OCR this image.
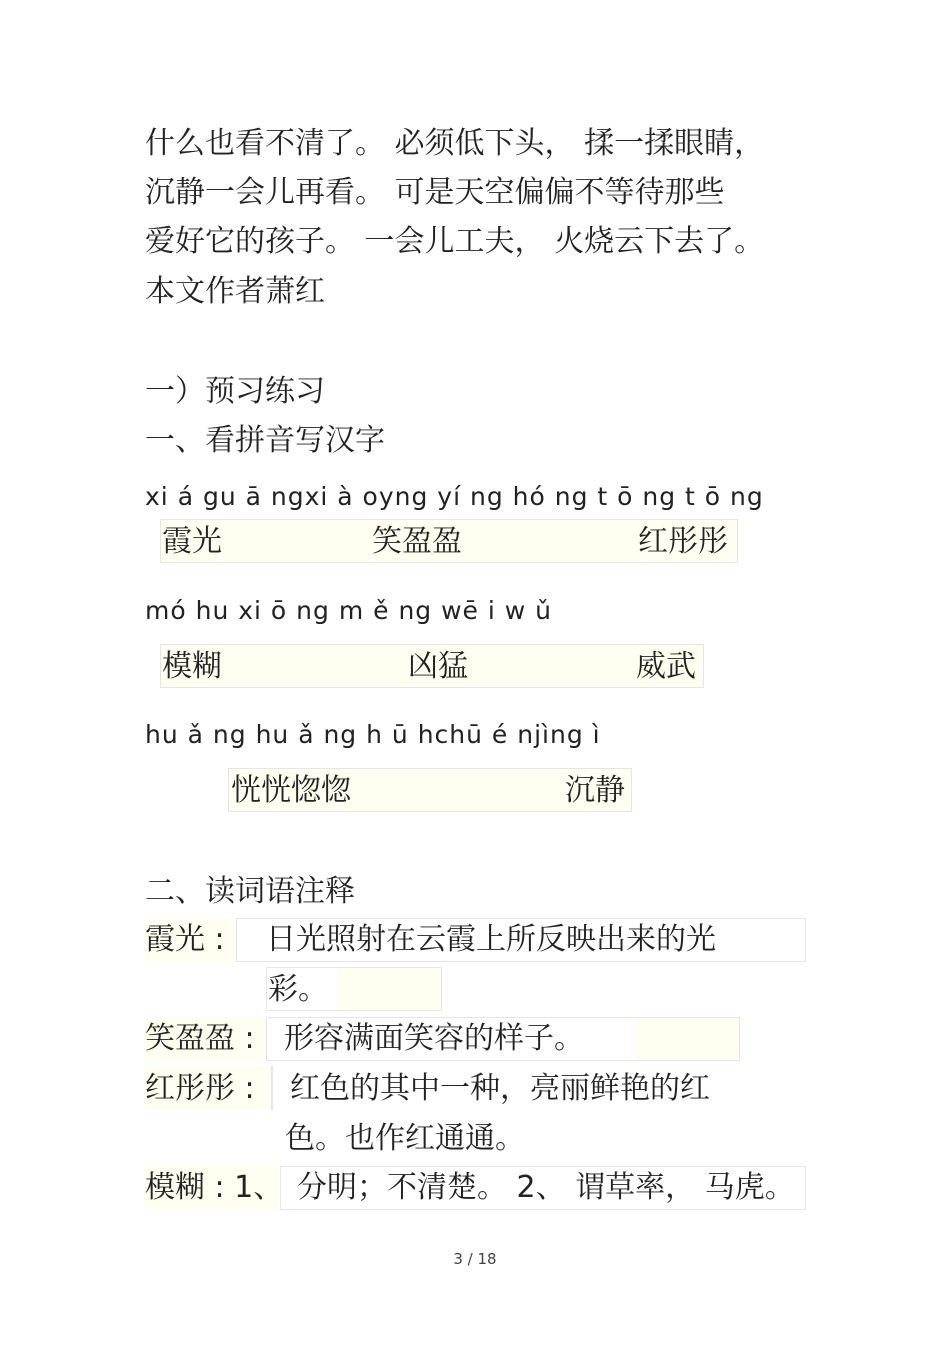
什么也看不清了。 必须低下头， 揉一揉眼睛，
沉静一会儿再看。 可是天空偏偏不等待那些
爱好它的孩子。 一会儿工夫， 火烧云下去了。
本文作者萧红
一）预习练习
一、看拼音写汉字
xi á gu ā ngxi à oyng yí ng hó ng t ō ng t ō ng
霞光	笑盈盈	红彤彤
mó hu xi ō ng m ě ng wē i w ǔ
模糊	凶猛	威武
hu ǎ ng hu ǎ ng h ū hchū é njìng ì
恍恍惚惚	沉静
二、读词语注释
霞光 : 日光照射在云霞上所反映出来的光
彩。
笑盈盈 : 形容满面笑容的样子。
红彤彤 : 红色的其中一种，亮丽鲜艳的红
色。也作红通通。
模糊 : 1、 分明；不清楚。 2、 谓草率， 马虎。
3 / 18
